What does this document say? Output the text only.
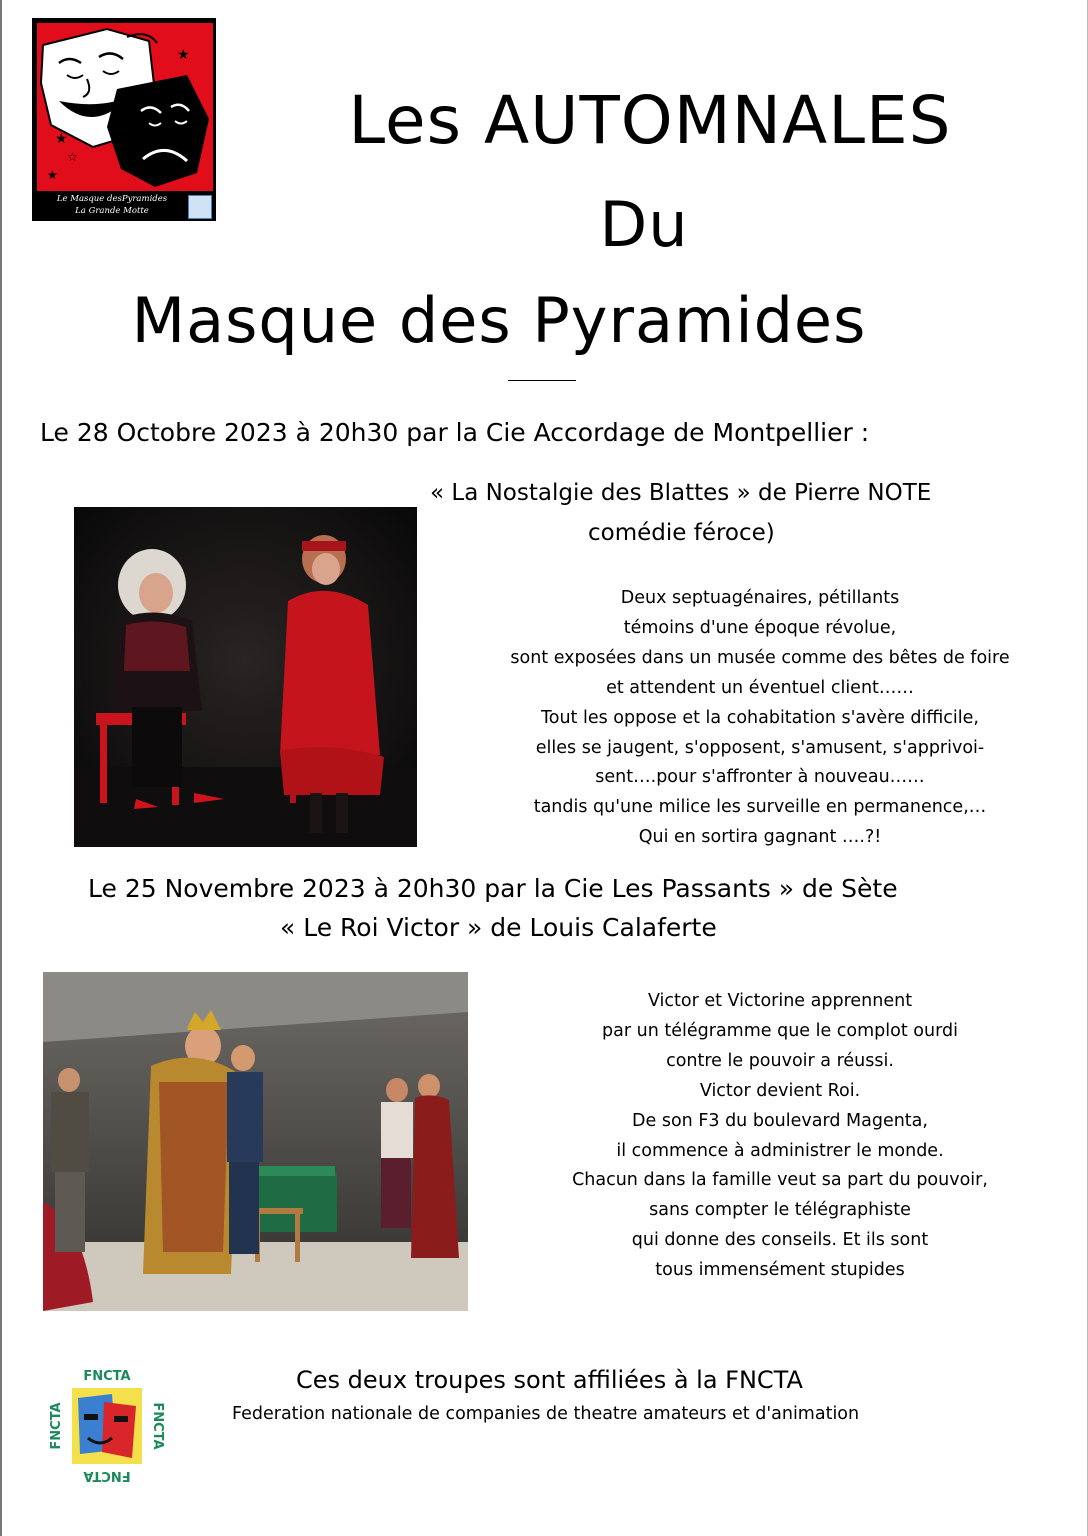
★
☆
★
★
★
Le Masque desPyramides
La Grande Motte
Les AUTOMNALES
Du
Masque des Pyramides
Le 28 Octobre 2023 à 20h30 par la Cie Accordage de Montpellier :
« La Nostalgie des Blattes » de Pierre NOTE
comédie féroce)
Deux septuagénaires, pétillants
témoins d'une époque révolue,
sont exposées dans un musée comme des bêtes de foire
et attendent un éventuel client……
Tout les oppose et la cohabitation s'avère difficile,
elles se jaugent, s'opposent, s'amusent, s'apprivoi-
sent….pour s'affronter à nouveau……
tandis qu'une milice les surveille en permanence,…
Qui en sortira gagnant ….?!
Le 25 Novembre 2023 à 20h30 par la Cie Les Passants » de Sète
« Le Roi Victor » de Louis Calaferte
Victor et Victorine apprennent
par un télégramme que le complot ourdi
contre le pouvoir a réussi.
Victor devient Roi.
De son F3 du boulevard Magenta,
il commence à administrer le monde.
Chacun dans la famille veut sa part du pouvoir,
sans compter le télégraphiste
qui donne des conseils. Et ils sont
tous immensément stupides
FNCTA
FNCTA
FNCTA	FNCTA
Ces deux troupes sont affiliées à la FNCTA
Federation nationale de companies de theatre amateurs et d'animation
